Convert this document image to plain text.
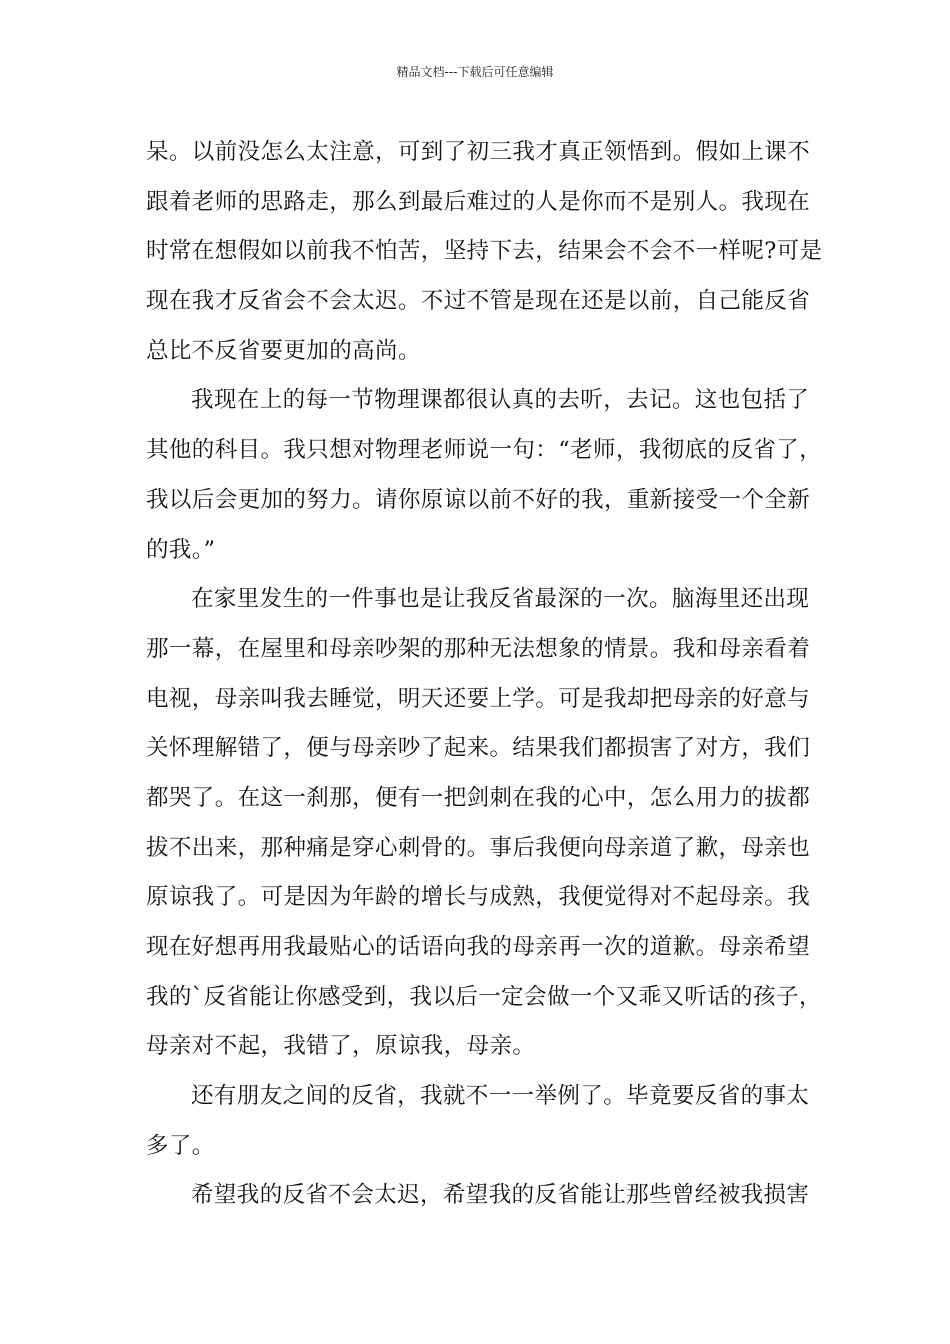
精品文档---下载后可任意编辑
呆。以前没怎么太注意，可到了初三我才真正领悟到。假如上课不
跟着老师的思路走，那么到最后难过的人是你而不是别人。我现在
时常在想假如以前我不怕苦，坚持下去，结果会不会不一样呢?可是
现在我才反省会不会太迟。不过不管是现在还是以前，自己能反省
总比不反省要更加的高尚。
我现在上的每一节物理课都很认真的去听，去记。这也包括了
其他的科目。我只想对物理老师说一句：“老师，我彻底的反省了，
我以后会更加的努力。请你原谅以前不好的我，重新接受一个全新
的我。”
在家里发生的一件事也是让我反省最深的一次。脑海里还出现
那一幕，在屋里和母亲吵架的那种无法想象的情景。我和母亲看着
电视，母亲叫我去睡觉，明天还要上学。可是我却把母亲的好意与
关怀理解错了，便与母亲吵了起来。结果我们都损害了对方，我们
都哭了。在这一刹那，便有一把剑刺在我的心中，怎么用力的拔都
拔不出来，那种痛是穿心刺骨的。事后我便向母亲道了歉，母亲也
原谅我了。可是因为年龄的增长与成熟，我便觉得对不起母亲。我
现在好想再用我最贴心的话语向我的母亲再一次的道歉。母亲希望
我的`反省能让你感受到，我以后一定会做一个又乖又听话的孩子，
母亲对不起，我错了，原谅我，母亲。
还有朋友之间的反省，我就不一一举例了。毕竟要反省的事太
多了。
希望我的反省不会太迟，希望我的反省能让那些曾经被我损害
